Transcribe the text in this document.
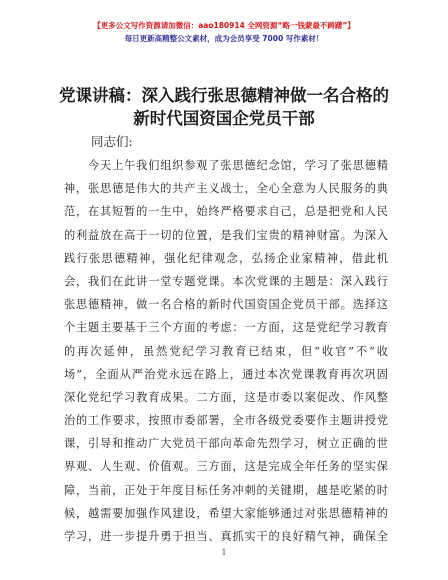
【更多公文写作资源请加微信：aao180914 全网资源“略一钱蒙最不踌躇”】
每日更新高精整公文素材，成为会员享受 7000 写作素材！
党课讲稿：深入践行张思德精神做一名合格的
新时代国资国企党员干部
同志们:
今天上午我们组织参观了张思德纪念馆，学习了张思德精
神，张思德是伟大的共产主义战士，全心全意为人民服务的典
范，在其短暂的一生中，始终严格要求自己，总是把党和人民
的利益放在高于一切的位置，是我们宝贵的精神财富。为深入
践行张思德精神，强化纪律观念，弘扬企业家精神，借此机
会，我们在此讲一堂专题党课。本次党课的主题是：深入践行
张思德精神，做一名合格的新时代国资国企党员干部。选择这
个主题主要基于三个方面的考虑：一方面，这是党纪学习教育
的再次延伸，虽然党纪学习教育已结束，但“收官”不“收
场”，全面从严治党永远在路上，通过本次党课教育再次巩固
深化党纪学习教育成果。二方面，这是市委以案促改、作风整
治的工作要求，按照市委部署，全市各级党委要作主题讲授党
课，引导和推动广大党员干部向革命先烈学习，树立正确的世
界观、人生观、价值观。三方面，这是完成全年任务的坚实保
障，当前，正处于年度目标任务冲刺的关键期，越是吃紧的时
候，越需要加强作风建设，希望大家能够通过对张思德精神的
学习，进一步提升勇于担当、真抓实干的良好精气神，确保全
1
